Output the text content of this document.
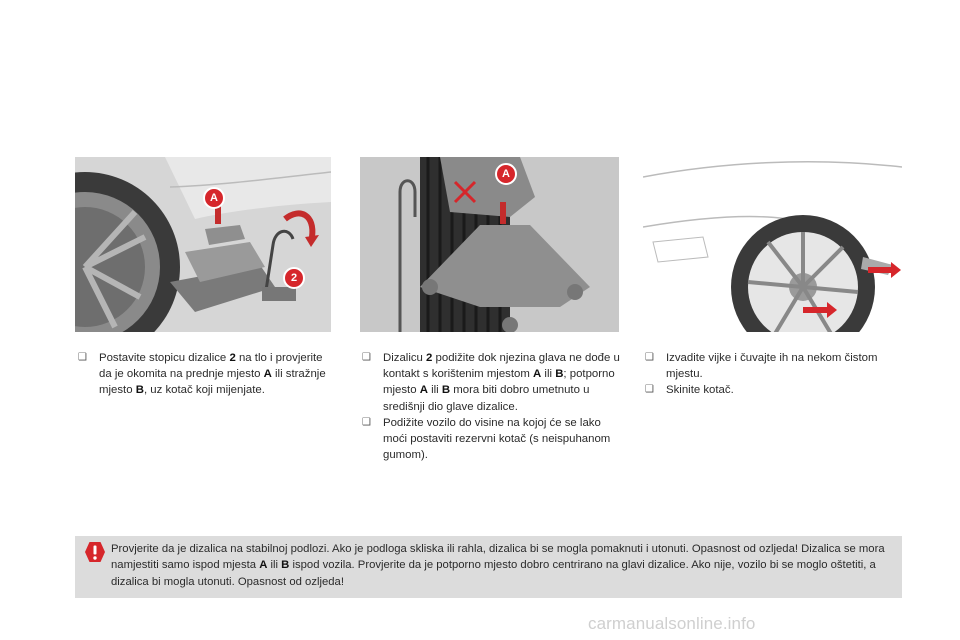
A
2
A

❑ Postavite stopicu dizalice 2 na tlo i provjerite da je okomita na prednje mjesto A ili stražnje mjesto B, uz kotač koji mijenjate.

❑ Dizalicu 2 podižite dok njezina glava ne dođe u kontakt s korištenim mjestom A ili B; potporno mjesto A ili B mora biti dobro umetnuto u središnji dio glave dizalice.

❑ Podižite vozilo do visine na kojoj će se lako moći postaviti rezervni kotač (s neispuhanom gumom).

❑ Izvadite vijke i čuvajte ih na nekom čistom mjestu.

❑ Skinite kotač.

Provjerite da je dizalica na stabilnoj podlozi. Ako je podloga skliska ili rahla, dizalica bi se mogla pomaknuti i utonuti. Opasnost od ozljeda! Dizalica se mora namjestiti samo ispod mjesta A ili B ispod vozila. Provjerite da je potporno mjesto dobro centrirano na glavi dizalice. Ako nije, vozilo bi se moglo oštetiti, a dizalica bi mogla utonuti. Opasnost od ozljeda!
carmanualsonline.info
